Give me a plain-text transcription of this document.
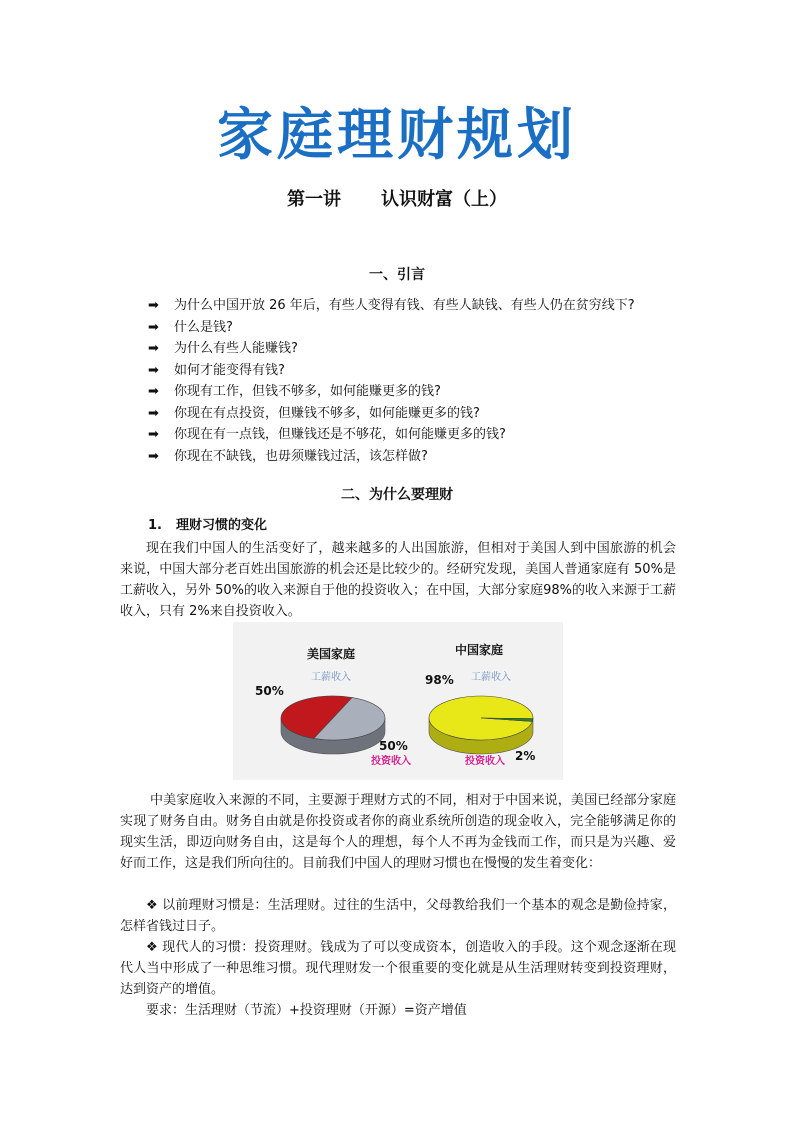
家庭理财规划
第一讲 认识财富（上）
一、引言
➡ 为什么中国开放 26 年后，有些人变得有钱、有些人缺钱、有些人仍在贫穷线下?
➡ 什么是钱?
➡ 为什么有些人能赚钱?
➡ 如何才能变得有钱?
➡ 你现有工作，但钱不够多，如何能赚更多的钱?
➡ 你现在有点投资，但赚钱不够多，如何能赚更多的钱?
➡ 你现在有一点钱，但赚钱还是不够花，如何能赚更多的钱?
➡ 你现在不缺钱，也毋须赚钱过活，该怎样做?
二、为什么要理财
1. 理财习惯的变化
现在我们中国人的生活变好了，越来越多的人出国旅游，但相对于美国人到中国旅游的机会来说，中国大部分老百姓出国旅游的机会还是比较少的。经研究发现，美国人普通家庭有 50%是工薪收入，另外 50%的收入来源自于他的投资收入；在中国，大部分家庭98%的收入来源于工薪收入，只有 2%来自投资收入。
美国家庭
工薪收入
50%
50%
投资收入
中国家庭
工薪收入
98%
2%
投资收入
中美家庭收入来源的不同，主要源于理财方式的不同，相对于中国来说，美国已经部分家庭实现了财务自由。财务自由就是你投资或者你的商业系统所创造的现金收入，完全能够满足你的现实生活，即迈向财务自由，这是每个人的理想，每个人不再为金钱而工作，而只是为兴趣、爱好而工作，这是我们所向往的。目前我们中国人的理财习惯也在慢慢的发生着变化：
❖ 以前理财习惯是：生活理财。过往的生活中，父母教给我们一个基本的观念是勤俭持家，怎样省钱过日子。
❖ 现代人的习惯：投资理财。钱成为了可以变成资本，创造收入的手段。这个观念逐渐在现代人当中形成了一种思维习惯。现代理财发一个很重要的变化就是从生活理财转变到投资理财，达到资产的增值。
要求：生活理财（节流）+投资理财（开源）=资产增值
